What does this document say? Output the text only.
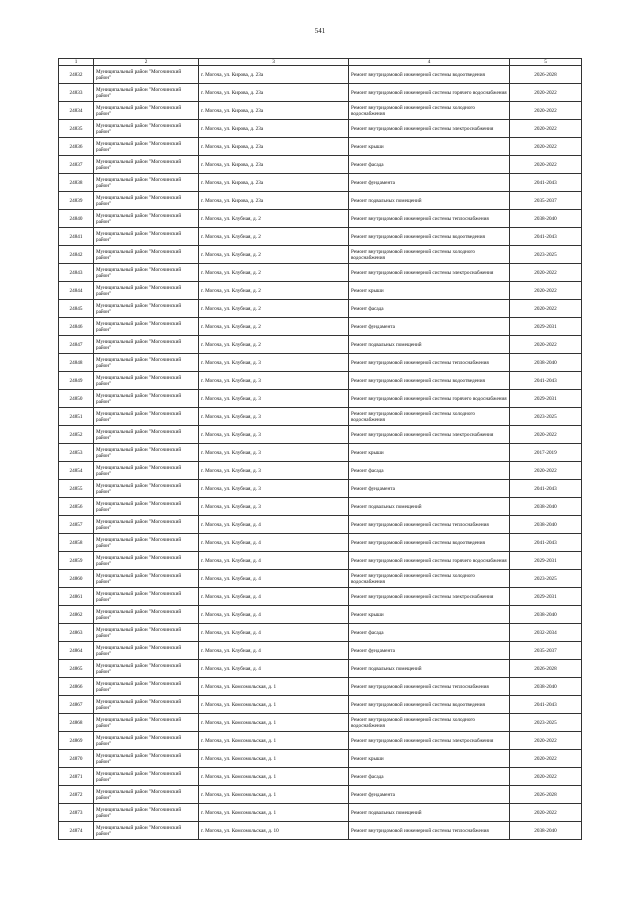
541
1	2	3	4	5
24832	Муниципальный район "Могочинский район"	г. Могоча, ул. Кирова, д. 23а	Ремонт внутридомовой инженерной системы водоотведения	2026-2028
24833	Муниципальный район "Могочинский район"	г. Могоча, ул. Кирова, д. 23а	Ремонт внутридомовой инженерной системы горячего водоснабжения	2020-2022
24834	Муниципальный район "Могочинский район"	г. Могоча, ул. Кирова, д. 23а	Ремонт внутридомовой инженерной системы холодного водоснабжения	2020-2022
24835	Муниципальный район "Могочинский район"	г. Могоча, ул. Кирова, д. 23а	Ремонт внутридомовой инженерной системы электроснабжения	2020-2022
24836	Муниципальный район "Могочинский район"	г. Могоча, ул. Кирова, д. 23а	Ремонт крыши	2020-2022
24837	Муниципальный район "Могочинский район"	г. Могоча, ул. Кирова, д. 23а	Ремонт фасада	2020-2022
24838	Муниципальный район "Могочинский район"	г. Могоча, ул. Кирова, д. 23а	Ремонт фундамента	2041-2043
24839	Муниципальный район "Могочинский район"	г. Могоча, ул. Кирова, д. 23а	Ремонт подвальных помещений	2035-2037
24840	Муниципальный район "Могочинский район"	г. Могоча, ул. Клубная, д. 2	Ремонт внутридомовой инженерной системы теплоснабжения	2038-2040
24841	Муниципальный район "Могочинский район"	г. Могоча, ул. Клубная, д. 2	Ремонт внутридомовой инженерной системы водоотведения	2041-2043
24842	Муниципальный район "Могочинский район"	г. Могоча, ул. Клубная, д. 2	Ремонт внутридомовой инженерной системы холодного водоснабжения	2023-2025
24843	Муниципальный район "Могочинский район"	г. Могоча, ул. Клубная, д. 2	Ремонт внутридомовой инженерной системы электроснабжения	2020-2022
24844	Муниципальный район "Могочинский район"	г. Могоча, ул. Клубная, д. 2	Ремонт крыши	2020-2022
24845	Муниципальный район "Могочинский район"	г. Могоча, ул. Клубная, д. 2	Ремонт фасада	2020-2022
24846	Муниципальный район "Могочинский район"	г. Могоча, ул. Клубная, д. 2	Ремонт фундамента	2029-2031
24847	Муниципальный район "Могочинский район"	г. Могоча, ул. Клубная, д. 2	Ремонт подвальных помещений	2020-2022
24848	Муниципальный район "Могочинский район"	г. Могоча, ул. Клубная, д. 3	Ремонт внутридомовой инженерной системы теплоснабжения	2038-2040
24849	Муниципальный район "Могочинский район"	г. Могоча, ул. Клубная, д. 3	Ремонт внутридомовой инженерной системы водоотведения	2041-2043
24850	Муниципальный район "Могочинский район"	г. Могоча, ул. Клубная, д. 3	Ремонт внутридомовой инженерной системы горячего водоснабжения	2029-2031
24851	Муниципальный район "Могочинский район"	г. Могоча, ул. Клубная, д. 3	Ремонт внутридомовой инженерной системы холодного водоснабжения	2023-2025
24852	Муниципальный район "Могочинский район"	г. Могоча, ул. Клубная, д. 3	Ремонт внутридомовой инженерной системы электроснабжения	2020-2022
24853	Муниципальный район "Могочинский район"	г. Могоча, ул. Клубная, д. 3	Ремонт крыши	2017-2019
24854	Муниципальный район "Могочинский район"	г. Могоча, ул. Клубная, д. 3	Ремонт фасада	2020-2022
24855	Муниципальный район "Могочинский район"	г. Могоча, ул. Клубная, д. 3	Ремонт фундамента	2041-2043
24856	Муниципальный район "Могочинский район"	г. Могоча, ул. Клубная, д. 3	Ремонт подвальных помещений	2038-2040
24857	Муниципальный район "Могочинский район"	г. Могоча, ул. Клубная, д. 4	Ремонт внутридомовой инженерной системы теплоснабжения	2038-2040
24858	Муниципальный район "Могочинский район"	г. Могоча, ул. Клубная, д. 4	Ремонт внутридомовой инженерной системы водоотведения	2041-2043
24859	Муниципальный район "Могочинский район"	г. Могоча, ул. Клубная, д. 4	Ремонт внутридомовой инженерной системы горячего водоснабжения	2029-2031
24860	Муниципальный район "Могочинский район"	г. Могоча, ул. Клубная, д. 4	Ремонт внутридомовой инженерной системы холодного водоснабжения	2023-2025
24861	Муниципальный район "Могочинский район"	г. Могоча, ул. Клубная, д. 4	Ремонт внутридомовой инженерной системы электроснабжения	2029-2031
24862	Муниципальный район "Могочинский район"	г. Могоча, ул. Клубная, д. 4	Ремонт крыши	2038-2040
24863	Муниципальный район "Могочинский район"	г. Могоча, ул. Клубная, д. 4	Ремонт фасада	2032-2034
24864	Муниципальный район "Могочинский район"	г. Могоча, ул. Клубная, д. 4	Ремонт фундамента	2035-2037
24865	Муниципальный район "Могочинский район"	г. Могоча, ул. Клубная, д. 4	Ремонт подвальных помещений	2026-2028
24866	Муниципальный район "Могочинский район"	г. Могоча, ул. Комсомольская, д. 1	Ремонт внутридомовой инженерной системы теплоснабжения	2038-2040
24867	Муниципальный район "Могочинский район"	г. Могоча, ул. Комсомольская, д. 1	Ремонт внутридомовой инженерной системы водоотведения	2041-2043
24868	Муниципальный район "Могочинский район"	г. Могоча, ул. Комсомольская, д. 1	Ремонт внутридомовой инженерной системы холодного водоснабжения	2023-2025
24869	Муниципальный район "Могочинский район"	г. Могоча, ул. Комсомольская, д. 1	Ремонт внутридомовой инженерной системы электроснабжения	2020-2022
24870	Муниципальный район "Могочинский район"	г. Могоча, ул. Комсомольская, д. 1	Ремонт крыши	2020-2022
24871	Муниципальный район "Могочинский район"	г. Могоча, ул. Комсомольская, д. 1	Ремонт фасада	2020-2022
24872	Муниципальный район "Могочинский район"	г. Могоча, ул. Комсомольская, д. 1	Ремонт фундамента	2026-2028
24873	Муниципальный район "Могочинский район"	г. Могоча, ул. Комсомольская, д. 1	Ремонт подвальных помещений	2020-2022
24874	Муниципальный район "Могочинский район"	г. Могоча, ул. Комсомольская, д. 10	Ремонт внутридомовой инженерной системы теплоснабжения	2038-2040
